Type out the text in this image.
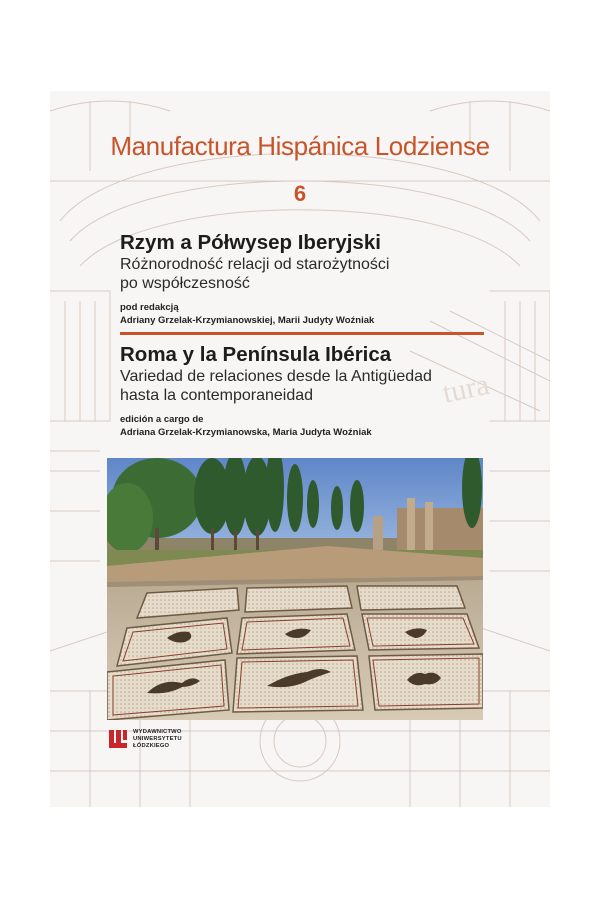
tura
Manufactura Hispánica Lodziense
6
Rzym a Półwysep Iberyjski
Różnorodność relacji od starożytności
po współczesność
pod redakcją
Adriany Grzelak-Krzymianowskiej, Marii Judyty Woźniak
Roma y la Península Ibérica
Variedad de relaciones desde la Antigüedad
hasta la contemporaneidad
edición a cargo de
Adriana Grzelak-Krzymianowska, Maria Judyta Woźniak
WYDAWNICTWO
UNIWERSYTETU
ŁÓDZKIEGO
